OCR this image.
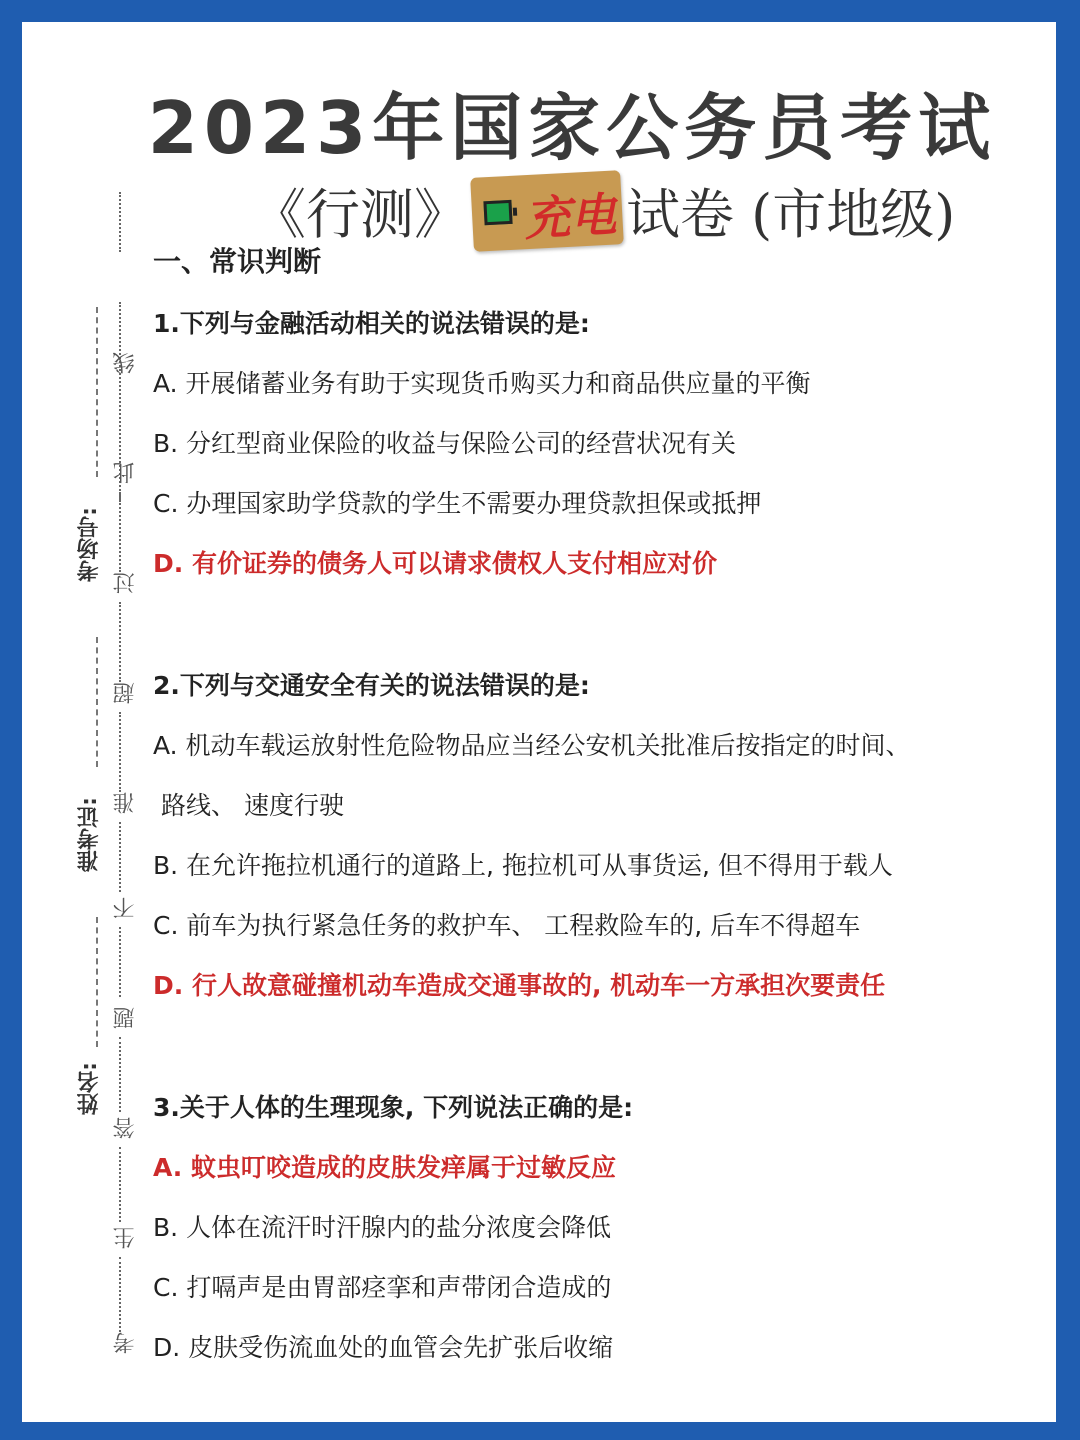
2023年国家公务员考试
《行测》 充电 试卷 (市地级)
考场号:
准考证:
姓名:
线
此
过
超
准
不
题
答
生
考
一、常识判断
1.下列与金融活动相关的说法错误的是:
A. 开展储蓄业务有助于实现货币购买力和商品供应量的平衡
B. 分红型商业保险的收益与保险公司的经营状况有关
C. 办理国家助学贷款的学生不需要办理贷款担保或抵押
D. 有价证券的债务人可以请求债权人支付相应对价
2.下列与交通安全有关的说法错误的是:
A. 机动车载运放射性危险物品应当经公安机关批准后按指定的时间、
路线、 速度行驶
B. 在允许拖拉机通行的道路上, 拖拉机可从事货运, 但不得用于载人
C. 前车为执行紧急任务的救护车、 工程救险车的, 后车不得超车
D. 行人故意碰撞机动车造成交通事故的, 机动车一方承担次要责任
3.关于人体的生理现象, 下列说法正确的是:
A. 蚊虫叮咬造成的皮肤发痒属于过敏反应
B. 人体在流汗时汗腺内的盐分浓度会降低
C. 打嗝声是由胃部痉挛和声带闭合造成的
D. 皮肤受伤流血处的血管会先扩张后收缩
